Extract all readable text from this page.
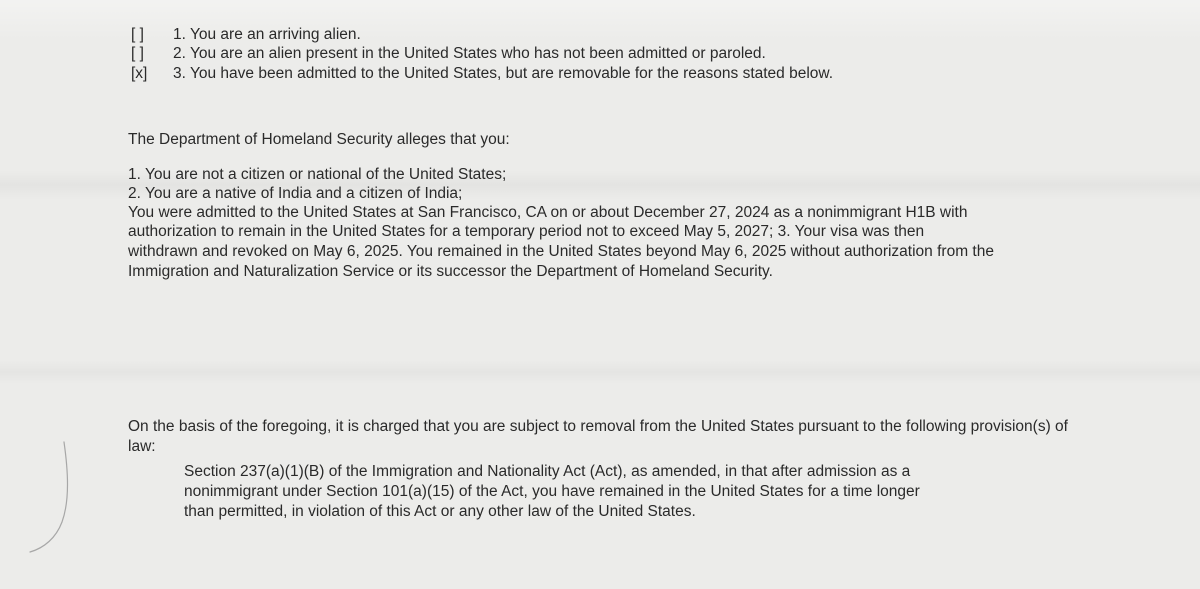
[ ] 1. You are an arriving alien.
[ ] 2. You are an alien present in the United States who has not been admitted or paroled.
[x] 3. You have been admitted to the United States, but are removable for the reasons stated below.
The Department of Homeland Security alleges that you:
1. You are not a citizen or national of the United States;
2. You are a native of India and a citizen of India;
You were admitted to the United States at San Francisco, CA on or about December 27, 2024 as a nonimmigrant H1B with
authorization to remain in the United States for a temporary period not to exceed May 5, 2027; 3. Your visa was then
withdrawn and revoked on May 6, 2025. You remained in the United States beyond May 6, 2025 without authorization from the
Immigration and Naturalization Service or its successor the Department of Homeland Security.
On the basis of the foregoing, it is charged that you are subject to removal from the United States pursuant to the following provision(s) of
law:
Section 237(a)(1)(B) of the Immigration and Nationality Act (Act), as amended, in that after admission as a
nonimmigrant under Section 101(a)(15) of the Act, you have remained in the United States for a time longer
than permitted, in violation of this Act or any other law of the United States.
